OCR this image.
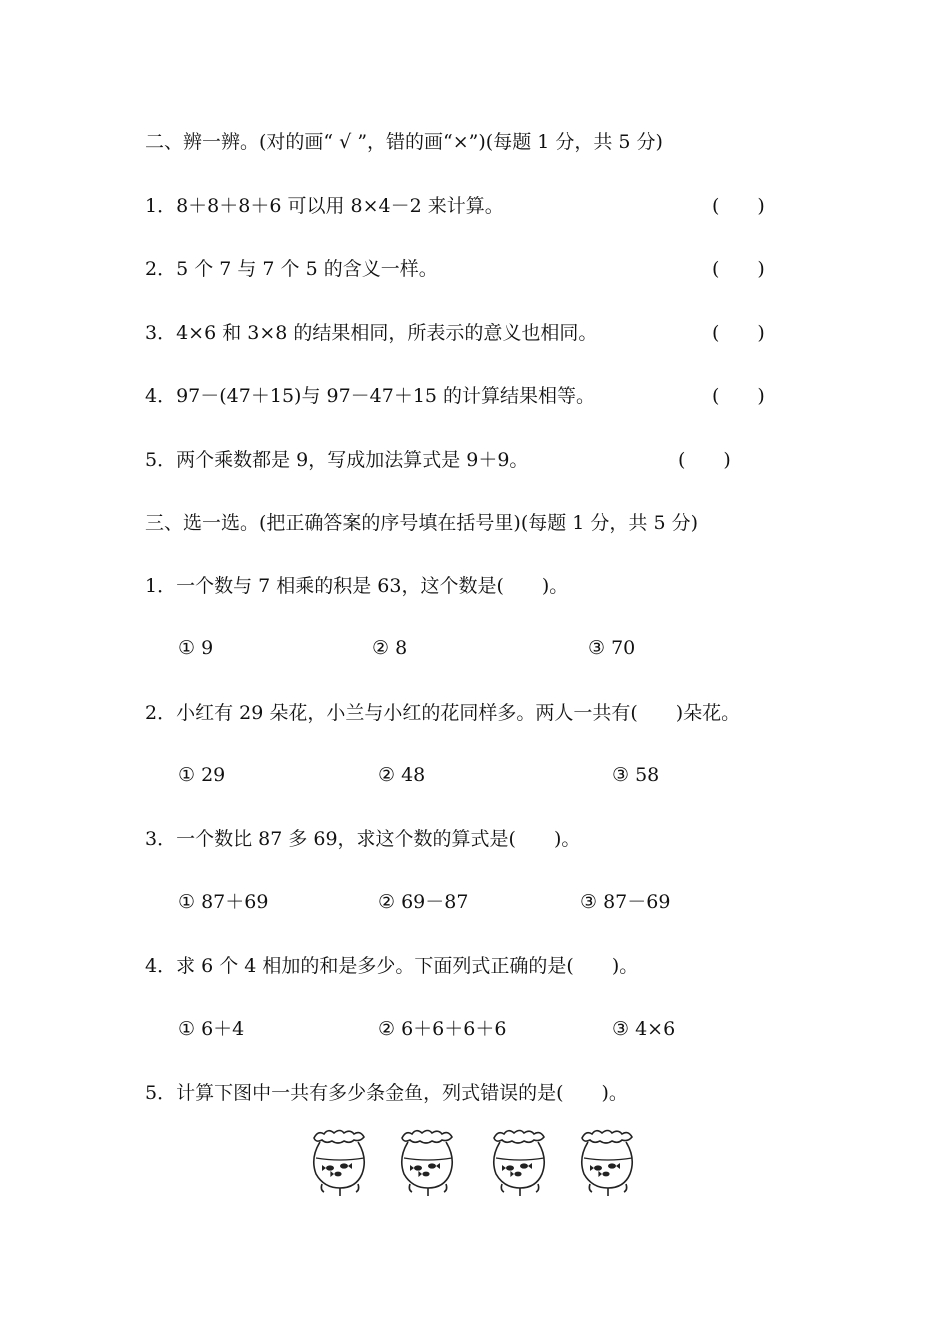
二、辨一辨。(对的画“ √ ”，错的画“×”)(每题 1 分，共 5 分)
1．8＋8＋8＋6 可以用 8×4－2 来计算。	(　　)
2．5 个 7 与 7 个 5 的含义一样。	(　　)
3．4×6 和 3×8 的结果相同，所表示的意义也相同。	(　　)
4．97－(47＋15)与 97－47＋15 的计算结果相等。	(　　)
5．两个乘数都是 9，写成加法算式是 9＋9。	(　　)
三、选一选。(把正确答案的序号填在括号里)(每题 1 分，共 5 分)
1．一个数与 7 相乘的积是 63，这个数是(　　)。
① 9	② 8	③ 70
2．小红有 29 朵花，小兰与小红的花同样多。两人一共有(　　)朵花。
① 29	② 48	③ 58
3．一个数比 87 多 69，求这个数的算式是(　　)。
① 87＋69	② 69－87	③ 87－69
4．求 6 个 4 相加的和是多少。下面列式正确的是(　　)。
① 6＋4	② 6＋6＋6＋6	③ 4×6
5．计算下图中一共有多少条金鱼，列式错误的是(　　)。
